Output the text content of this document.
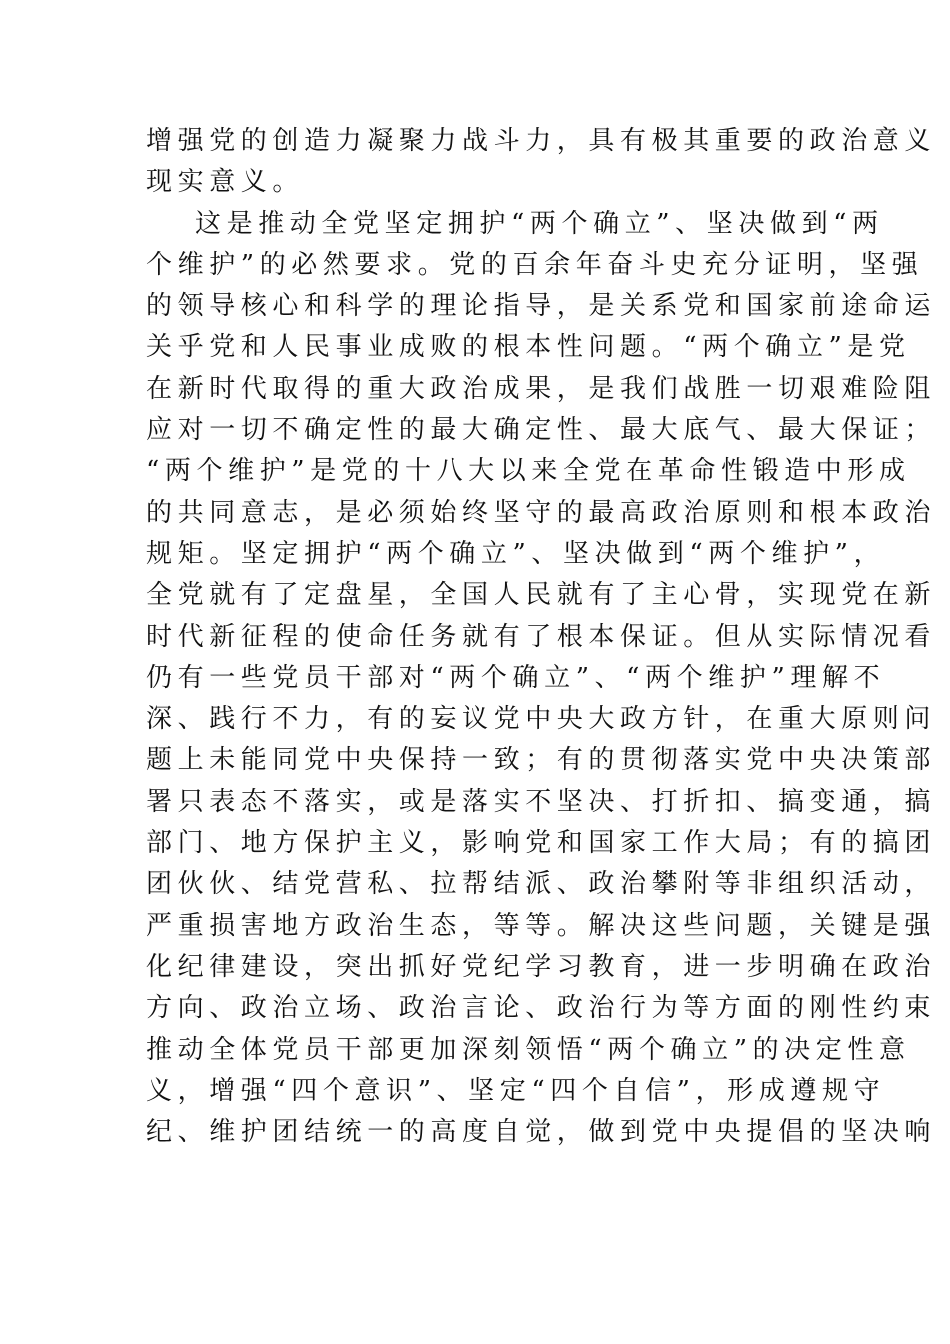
增强党的创造力凝聚力战斗力，具有极其重要的政治意义
现实意义。
这是推动全党坚定拥护“两个确立”、坚决做到“两
个维护”的必然要求。党的百余年奋斗史充分证明，坚强
的领导核心和科学的理论指导，是关系党和国家前途命运
关乎党和人民事业成败的根本性问题。“两个确立”是党
在新时代取得的重大政治成果，是我们战胜一切艰难险阻
应对一切不确定性的最大确定性、最大底气、最大保证；
“两个维护”是党的十八大以来全党在革命性锻造中形成
的共同意志，是必须始终坚守的最高政治原则和根本政治
规矩。坚定拥护“两个确立”、坚决做到“两个维护”，
全党就有了定盘星，全国人民就有了主心骨，实现党在新
时代新征程的使命任务就有了根本保证。但从实际情况看
仍有一些党员干部对“两个确立”、“两个维护”理解不
深、践行不力，有的妄议党中央大政方针，在重大原则问
题上未能同党中央保持一致；有的贯彻落实党中央决策部
署只表态不落实，或是落实不坚决、打折扣、搞变通，搞
部门、地方保护主义，影响党和国家工作大局；有的搞团
团伙伙、结党营私、拉帮结派、政治攀附等非组织活动，
严重损害地方政治生态，等等。解决这些问题，关键是强
化纪律建设，突出抓好党纪学习教育，进一步明确在政治
方向、政治立场、政治言论、政治行为等方面的刚性约束
推动全体党员干部更加深刻领悟“两个确立”的决定性意
义，增强“四个意识”、坚定“四个自信”，形成遵规守
纪、维护团结统一的高度自觉，做到党中央提倡的坚决响
